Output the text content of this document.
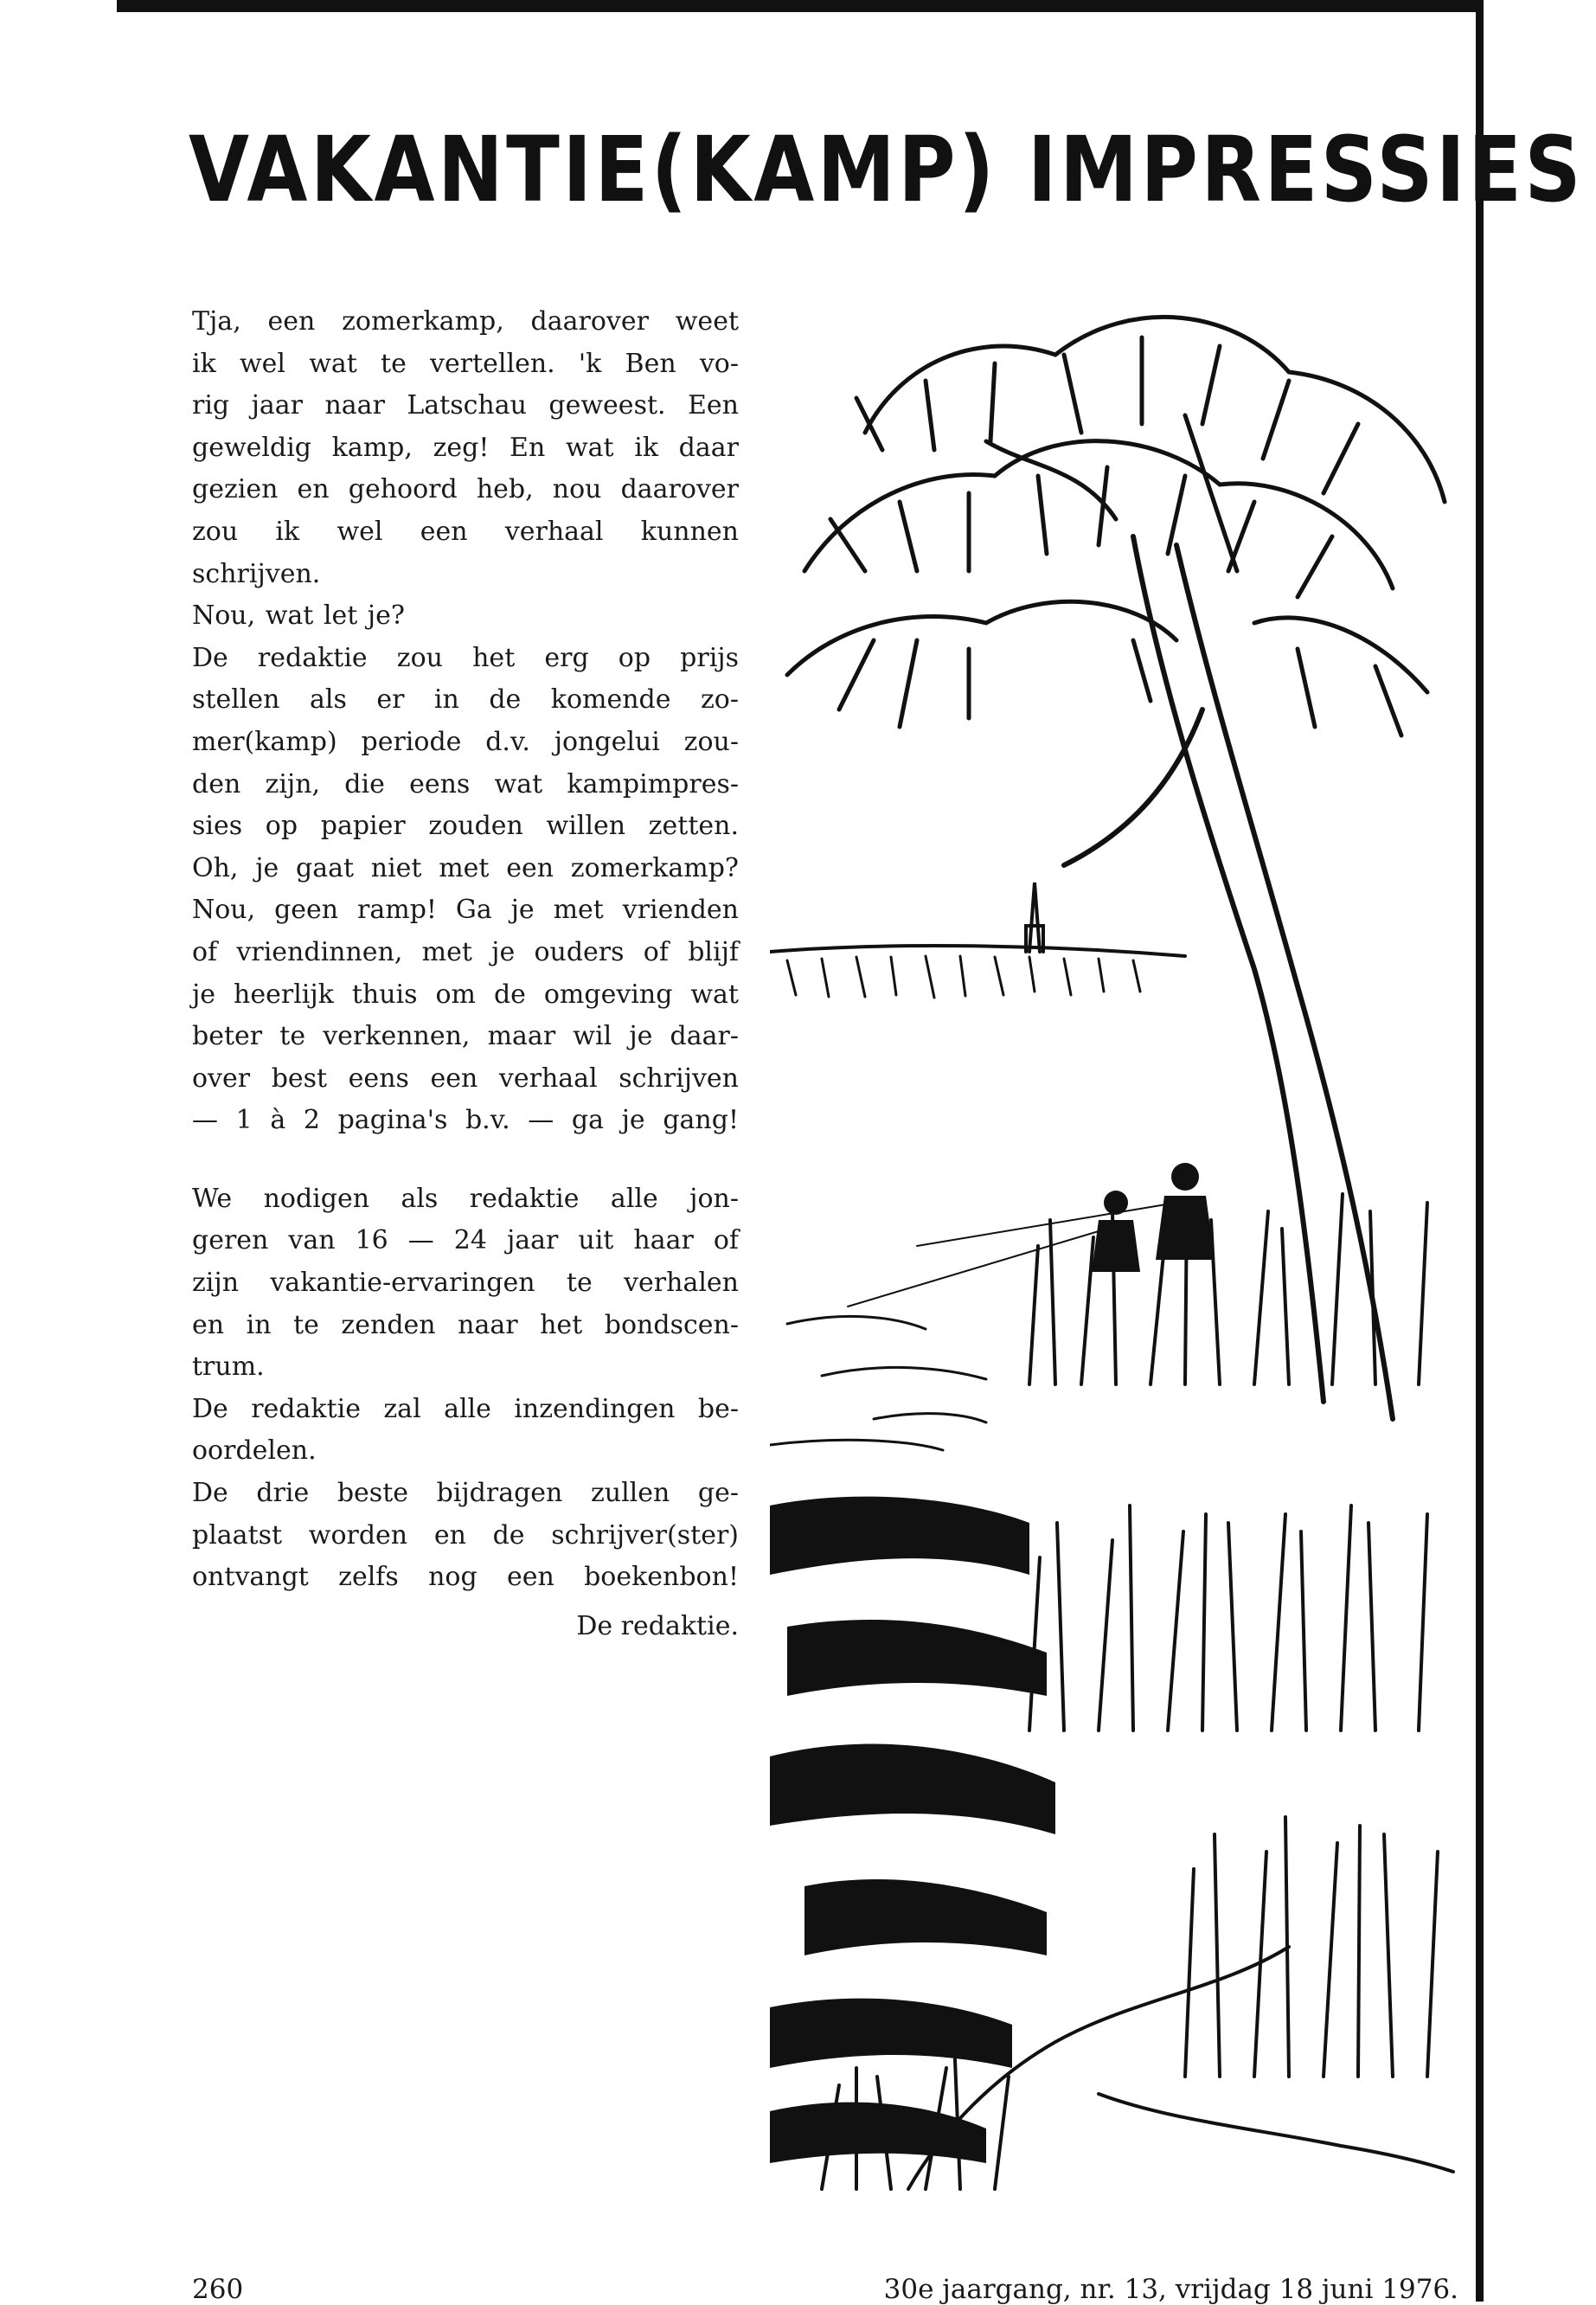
VAKANTIE(KAMP) IMPRESSIES

Tja, een zomerkamp, daarover weet

ik wel wat te vertellen. 'k Ben vo-

rig jaar naar Latschau geweest. Een

geweldig kamp, zeg! En wat ik daar

gezien en gehoord heb, nou daarover

zou ik wel een verhaal kunnen

schrijven.

Nou, wat let je?

De redaktie zou het erg op prijs

stellen als er in de komende zo-

mer(kamp) periode d.v. jongelui zou-

den zijn, die eens wat kampimpres-

sies op papier zouden willen zetten.

Oh, je gaat niet met een zomerkamp?

Nou, geen ramp! Ga je met vrienden

of vriendinnen, met je ouders of blijf

je heerlijk thuis om de omgeving wat

beter te verkennen, maar wil je daar-

over best eens een verhaal schrijven

— 1 à 2 pagina's b.v. — ga je gang!

We nodigen als redaktie alle jon-

geren van 16 — 24 jaar uit haar of

zijn vakantie-ervaringen te verhalen

en in te zenden naar het bondscen-

trum.

De redaktie zal alle inzendingen be-

oordelen.

De drie beste bijdragen zullen ge-

plaatst worden en de schrijver(ster)

ontvangt zelfs nog een boekenbon!

De redaktie.
260	30e jaargang, nr. 13, vrijdag 18 juni 1976.
